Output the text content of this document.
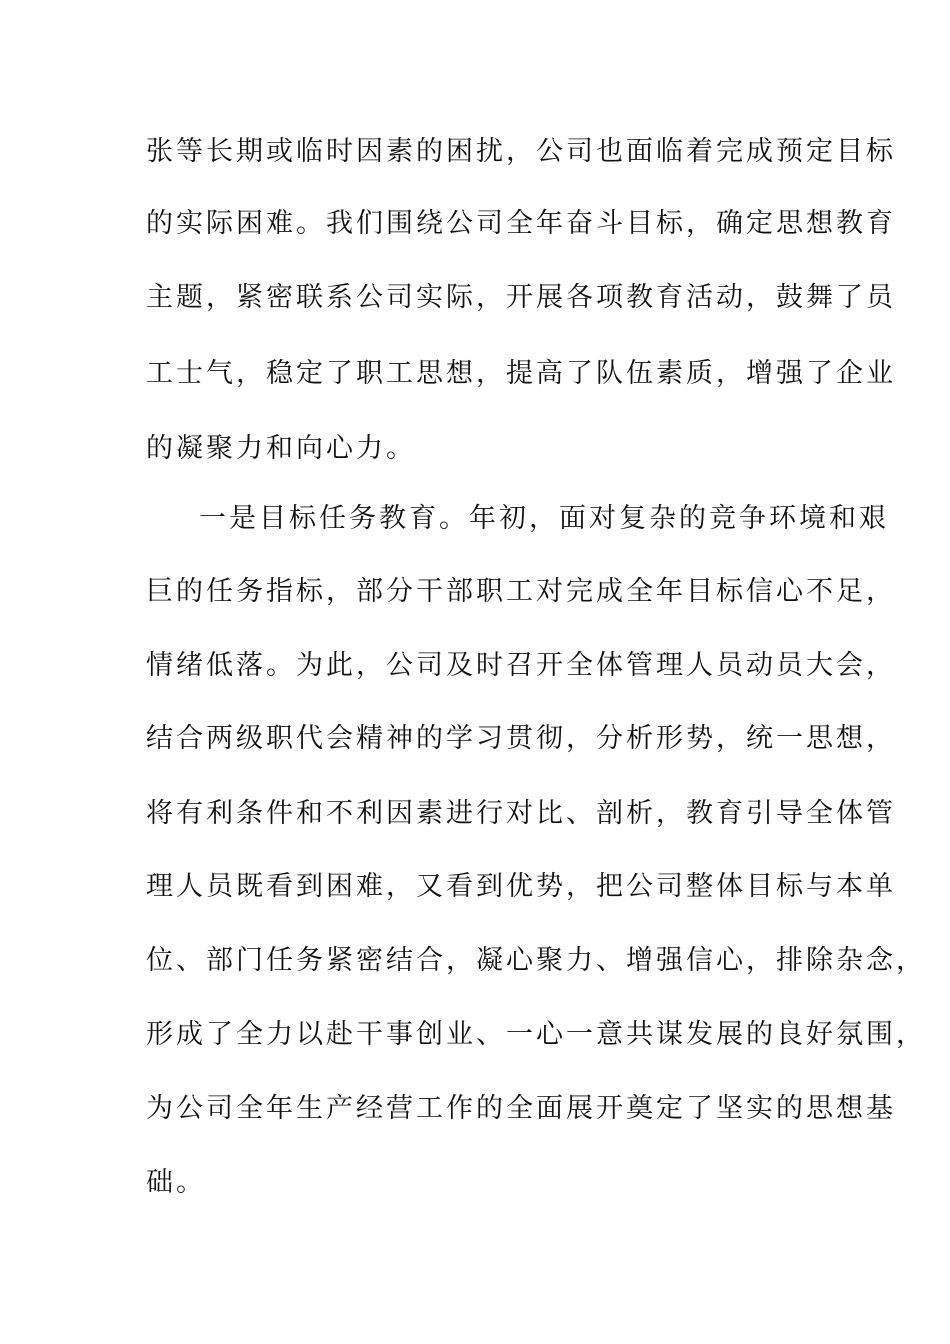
张等长期或临时因素的困扰，公司也面临着完成预定目标

的实际困难。我们围绕公司全年奋斗目标，确定思想教育

主题，紧密联系公司实际，开展各项教育活动，鼓舞了员

工士气，稳定了职工思想，提高了队伍素质，增强了企业

的凝聚力和向心力。

一是目标任务教育。年初，面对复杂的竞争环境和艰

巨的任务指标，部分干部职工对完成全年目标信心不足，

情绪低落。为此，公司及时召开全体管理人员动员大会，

结合两级职代会精神的学习贯彻，分析形势，统一思想，

将有利条件和不利因素进行对比、剖析，教育引导全体管

理人员既看到困难，又看到优势，把公司整体目标与本单

位、部门任务紧密结合，凝心聚力、增强信心，排除杂念，

形成了全力以赴干事创业、一心一意共谋发展的良好氛围，

为公司全年生产经营工作的全面展开奠定了坚实的思想基

础。
